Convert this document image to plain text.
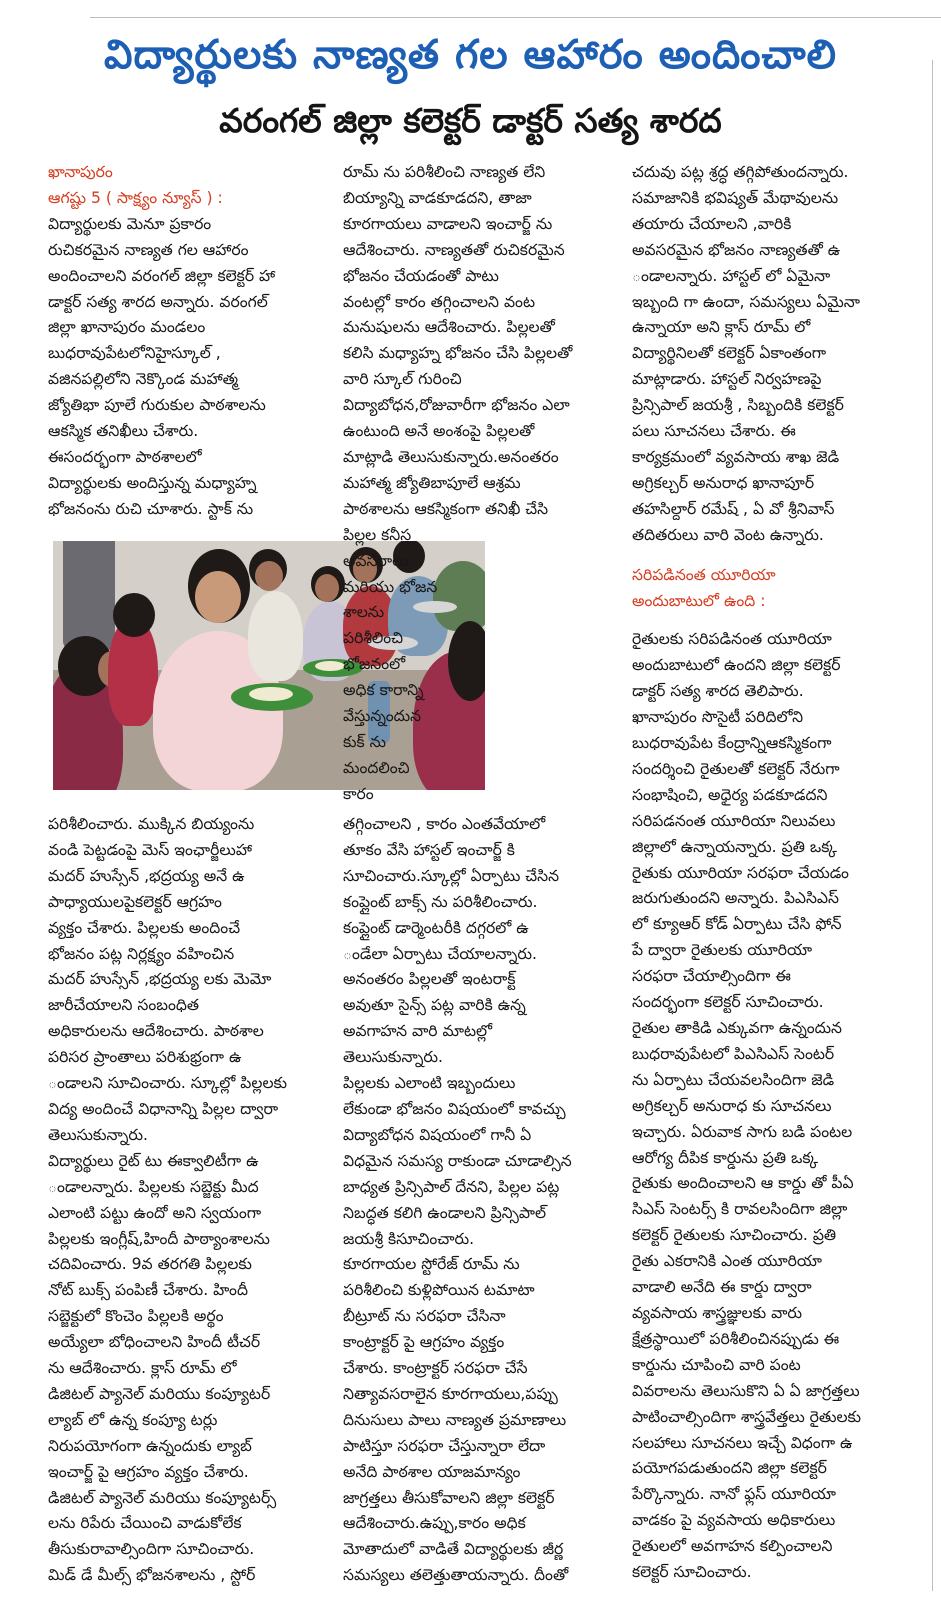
విద్యార్థులకు నాణ్యత గల ఆహారం అందించాలి
వరంగల్ జిల్లా కలెక్టర్ డాక్టర్ సత్య శారద

ఖానాపురం

ఆగష్టు 5 ( సాక్ష్యం న్యూస్ ) :

విద్యార్థులకు మెనూ ప్రకారం

రుచికరమైన నాణ్యత గల ఆహారం

అందించాలని వరంగల్ జిల్లా కలెక్టర్ హా

డాక్టర్ సత్య శారద అన్నారు. వరంగల్

జిల్లా ఖానాపురం మండలం

బుధరావుపేటలోనిహైస్కూల్ ,

వజినపల్లిలోని నెక్కొండ మహాత్మ

జ్యోతిభా పూలే గురుకుల పాఠశాలను

ఆకస్మిక తనిఖీలు చేశారు.

ఈసందర్భంగా పాఠశాలలో

విద్యార్థులకు అందిస్తున్న మధ్యాహ్న

భోజనంను రుచి చూశారు. స్టాక్ ను

పరిశీలించారు. ముక్కిన బియ్యంను

వండి పెట్టడంపై మెస్ ఇంఛార్జీలుహా

మదర్ హుస్సేన్ ,భద్రయ్య అనే ఉ

పాధ్యాయులపైకలెక్టర్ ఆగ్రహం

వ్యక్తం చేశారు. పిల్లలకు అందించే

భోజనం పట్ల నిర్లక్ష్యం వహించిన

మదర్ హుస్సేన్ ,భద్రయ్య లకు మెమో

జారీచేయాలని సంబంధిత

అధికారులను ఆదేశించారు. పాఠశాల

పరిసర ప్రాంతాలు పరిశుభ్రంగా ఉ

ండాలని సూచించారు. స్కూల్లో పిల్లలకు

విద్య అందించే విధానాన్ని పిల్లల ద్వారా

తెలుసుకున్నారు.

విద్యార్థులు రైట్ టు ఈక్వాలిటీగా ఉ

ండాలన్నారు. పిల్లలకు సబ్జెక్టు మీద

ఎలాంటి పట్టు ఉందో అని స్వయంగా

పిల్లలకు ఇంగ్లీష్,హిందీ పాఠ్యాంశాలను

చదివించారు. 9వ తరగతి పిల్లలకు

నోట్ బుక్స్ పంపిణీ చేశారు. హిందీ

సబ్జెక్టులో కొంచెం పిల్లలకి అర్థం

అయ్యేలా బోధించాలని హిందీ టీచర్

ను ఆదేశించారు. క్లాస్ రూమ్ లో

డిజిటల్ ప్యానెల్ మరియు కంప్యూటర్

ల్యాబ్ లో ఉన్న కంప్యూ టర్లు

నిరుపయోగంగా ఉన్నందుకు ల్యాబ్

ఇంచార్జ్ పై ఆగ్రహం వ్యక్తం చేశారు.

డిజిటల్ ప్యానెల్ మరియు కంప్యూటర్స్

లను రిపేరు చేయించి వాడుకోలేక

తీసుకురావాల్సిందిగా సూచించారు.

మిడ్ డే మీల్స్ భోజనశాలను , స్టోర్

రూమ్ ను పరిశీలించి నాణ్యత లేని

బియ్యాన్ని వాడకూడదని, తాజా

కూరగాయలు వాడాలని ఇంచార్జ్ ను

ఆదేశించారు. నాణ్యతతో రుచికరమైన

భోజనం చేయడంతో పాటు

వంటల్లో కారం తగ్గించాలని వంట

మనుషులను ఆదేశించారు. పిల్లలతో

కలిసి మధ్యాహ్న భోజనం చేసి పిల్లలతో

వారి స్కూల్ గురించి

విద్యాబోధన,రోజువారీగా భోజనం ఎలా

ఉంటుంది అనే అంశంపై పిల్లలతో

మాట్లాడి తెలుసుకున్నారు.అనంతరం

మహాత్మ జ్యోతిబాపూలే ఆశ్రమ

పాఠశాలను ఆకస్మికంగా తనిఖీ చేసి

పిల్లల కనీస

అవసరాలు

మరియు భోజన

శాలను

పరిశీలించి

భోజనంలో

అధిక కారాన్ని

వేస్తున్నందున

కుక్ ను

మందలించి

కారం

తగ్గించాలని , కారం ఎంతవేయాలో

తూకం వేసి హాస్టల్ ఇంచార్జ్ కి

సూచించారు.స్కూల్లో ఏర్పాటు చేసిన

కంప్లైంట్ బాక్స్ ను పరిశీలించారు.

కంప్లైంట్ డార్మెంటరీకి దగ్గరలో ఉ

ండేలా ఏర్పాటు చేయాలన్నారు.

అనంతరం పిల్లలతో ఇంటరాక్ట్

అవుతూ సైన్స్ పట్ల వారికి ఉన్న

అవగాహన వారి మాటల్లో

తెలుసుకున్నారు.

పిల్లలకు ఎలాంటి ఇబ్బందులు

లేకుండా భోజనం విషయంలో కావచ్చు

విద్యాబోధన విషయంలో గానీ ఏ

విధమైన సమస్య రాకుండా చూడాల్సిన

బాధ్యత ప్రిన్సిపాల్ దేనని, పిల్లల పట్ల

నిబద్ధత కలిగి ఉండాలని ప్రిన్సిపాల్

జయశ్రీ కిసూచించారు.

కూరగాయల స్టోరేజ్ రూమ్ ను

పరిశీలించి కుళ్లిపోయిన టమాటా

బీట్రూట్ ను సరఫరా చేసినా

కాంట్రాక్టర్ పై ఆగ్రహం వ్యక్తం

చేశారు. కాంట్రాక్టర్ సరఫరా చేసే

నిత్యావసరాలైన కూరగాయలు,పప్పు

దినుసులు పాలు నాణ్యత ప్రమాణాలు

పాటిస్తూ సరఫరా చేస్తున్నారా లేదా

అనేది పాఠశాల యాజమాన్యం

జాగ్రత్తలు తీసుకోవాలని జిల్లా కలెక్టర్

ఆదేశించారు.ఉప్పు,కారం అధిక

మోతాదులో వాడితే విద్యార్థులకు జీర్ణ

సమస్యలు తలెత్తుతాయన్నారు. దీంతో

చదువు పట్ల శ్రద్ధ తగ్గిపోతుందన్నారు.

సమాజానికి భవిష్యత్ మేథావులను

తయారు చేయాలని ,వారికి

అవసరమైన భోజనం నాణ్యతతో ఉ

ండాలన్నారు. హాస్టల్ లో ఏమైనా

ఇబ్బంది గా ఉందా, సమస్యలు ఏమైనా

ఉన్నాయా అని క్లాస్ రూమ్ లో

విద్యార్థినిలతో కలెక్టర్ ఏకాంతంగా

మాట్లాడారు. హాస్టల్ నిర్వహణపై

ప్రిన్సిపాల్ జయశ్రీ , సిబ్బందికి కలెక్టర్

పలు సూచనలు చేశారు. ఈ

కార్యక్రమంలో వ్యవసాయ శాఖ జెడి

అగ్రికల్చర్ అనురాధ ఖానాపూర్

తహసిల్దార్ రమేష్ , ఏ వో శ్రీనివాస్

తదితరులు వారి వెంట ఉన్నారు.

సరిపడినంత యూరియా

అందుబాటులో ఉంది :

రైతులకు సరిపడినంత యూరియా

అందుబాటులో ఉందని జిల్లా కలెక్టర్

డాక్టర్ సత్య శారద తెలిపారు.

ఖానాపురం సొసైటీ పరిదిలోని

బుధరావుపేట కేంద్రాన్నిఆకస్మికంగా

సందర్శించి రైతులతో కలెక్టర్ నేరుగా

సంభాషించి, అధైర్య పడకూడదని

సరిపడనంత యూరియా నిలువలు

జిల్లాలో ఉన్నాయన్నారు. ప్రతి ఒక్క

రైతుకు యూరియా సరఫరా చేయడం

జరుగుతుందని అన్నారు. పిఎసిఎస్

లో క్యూఆర్ కోడ్ ఏర్పాటు చేసి ఫోన్

పే ద్వారా రైతులకు యూరియా

సరఫరా చేయాల్సిందిగా ఈ

సందర్భంగా కలెక్టర్ సూచించారు.

రైతుల తాకిడి ఎక్కువగా ఉన్నందున

బుధరావుపేటలో పిఎసిఎస్ సెంటర్

ను ఏర్పాటు చేయవలసిందిగా జెడి

అగ్రికల్చర్ అనురాధ కు సూచనలు

ఇచ్చారు. ఏరువాక సాగు బడి పంటల

ఆరోగ్య దీపిక కార్డును ప్రతి ఒక్క

రైతుకు అందించాలని ఆ కార్డు తో పీఏ

సిఎస్ సెంటర్స్ కి రావలసిందిగా జిల్లా

కలెక్టర్ రైతులకు సూచించారు. ప్రతి

రైతు ఎకరానికి ఎంత యూరియా

వాడాలి అనేది ఈ కార్డు ద్వారా

వ్యవసాయ శాస్త్రజ్ఞులకు వారు

క్షేత్రస్థాయిలో పరిశీలించినప్పుడు ఈ

కార్డును చూపించి వారి పంట

వివరాలను తెలుసుకొని ఏ ఏ జాగ్రత్తలు

పాటించాల్సిందిగా శాస్త్రవేత్తలు రైతులకు

సలహాలు సూచనలు ఇచ్చే విధంగా ఉ

పయోగపడుతుందని జిల్లా కలెక్టర్

పేర్కొన్నారు. నానో ఫ్లస్ యూరియా

వాడకం పై వ్యవసాయ అధికారులు

రైతులలో అవగాహన కల్పించాలని

కలెక్టర్ సూచించారు.
